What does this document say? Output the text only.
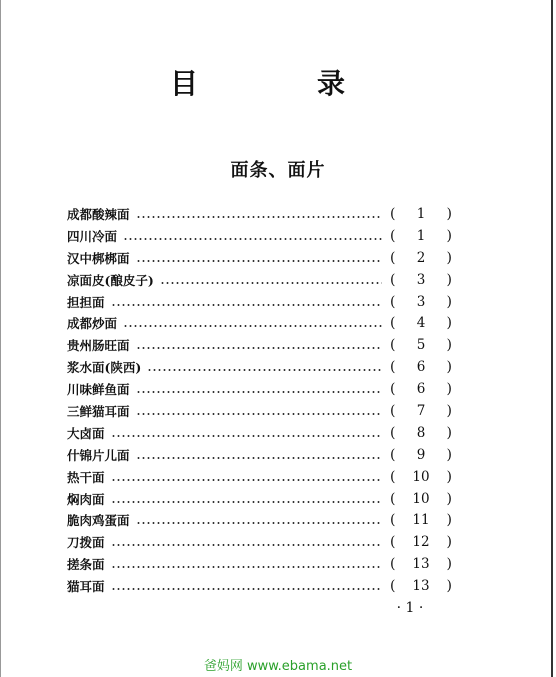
目	录
面条、面片
成都酸辣面	(	1	)
四川冷面	(	1	)
汉中梆梆面	(	2	)
凉面皮(酿皮子)	(	3	)
担担面	(	3	)
成都炒面	(	4	)
贵州肠旺面	(	5	)
浆水面(陕西)	(	6	)
川味鲜鱼面	(	6	)
三鲜猫耳面	(	7	)
大卤面	(	8	)
什锦片儿面	(	9	)
热干面	(	10	)
焖肉面	(	10	)
脆肉鸡蛋面	(	11	)
刀拨面	(	12	)
搓条面	(	13	)
猫耳面	(	13	)
· 1 ·
爸妈网 www.ebama.net
